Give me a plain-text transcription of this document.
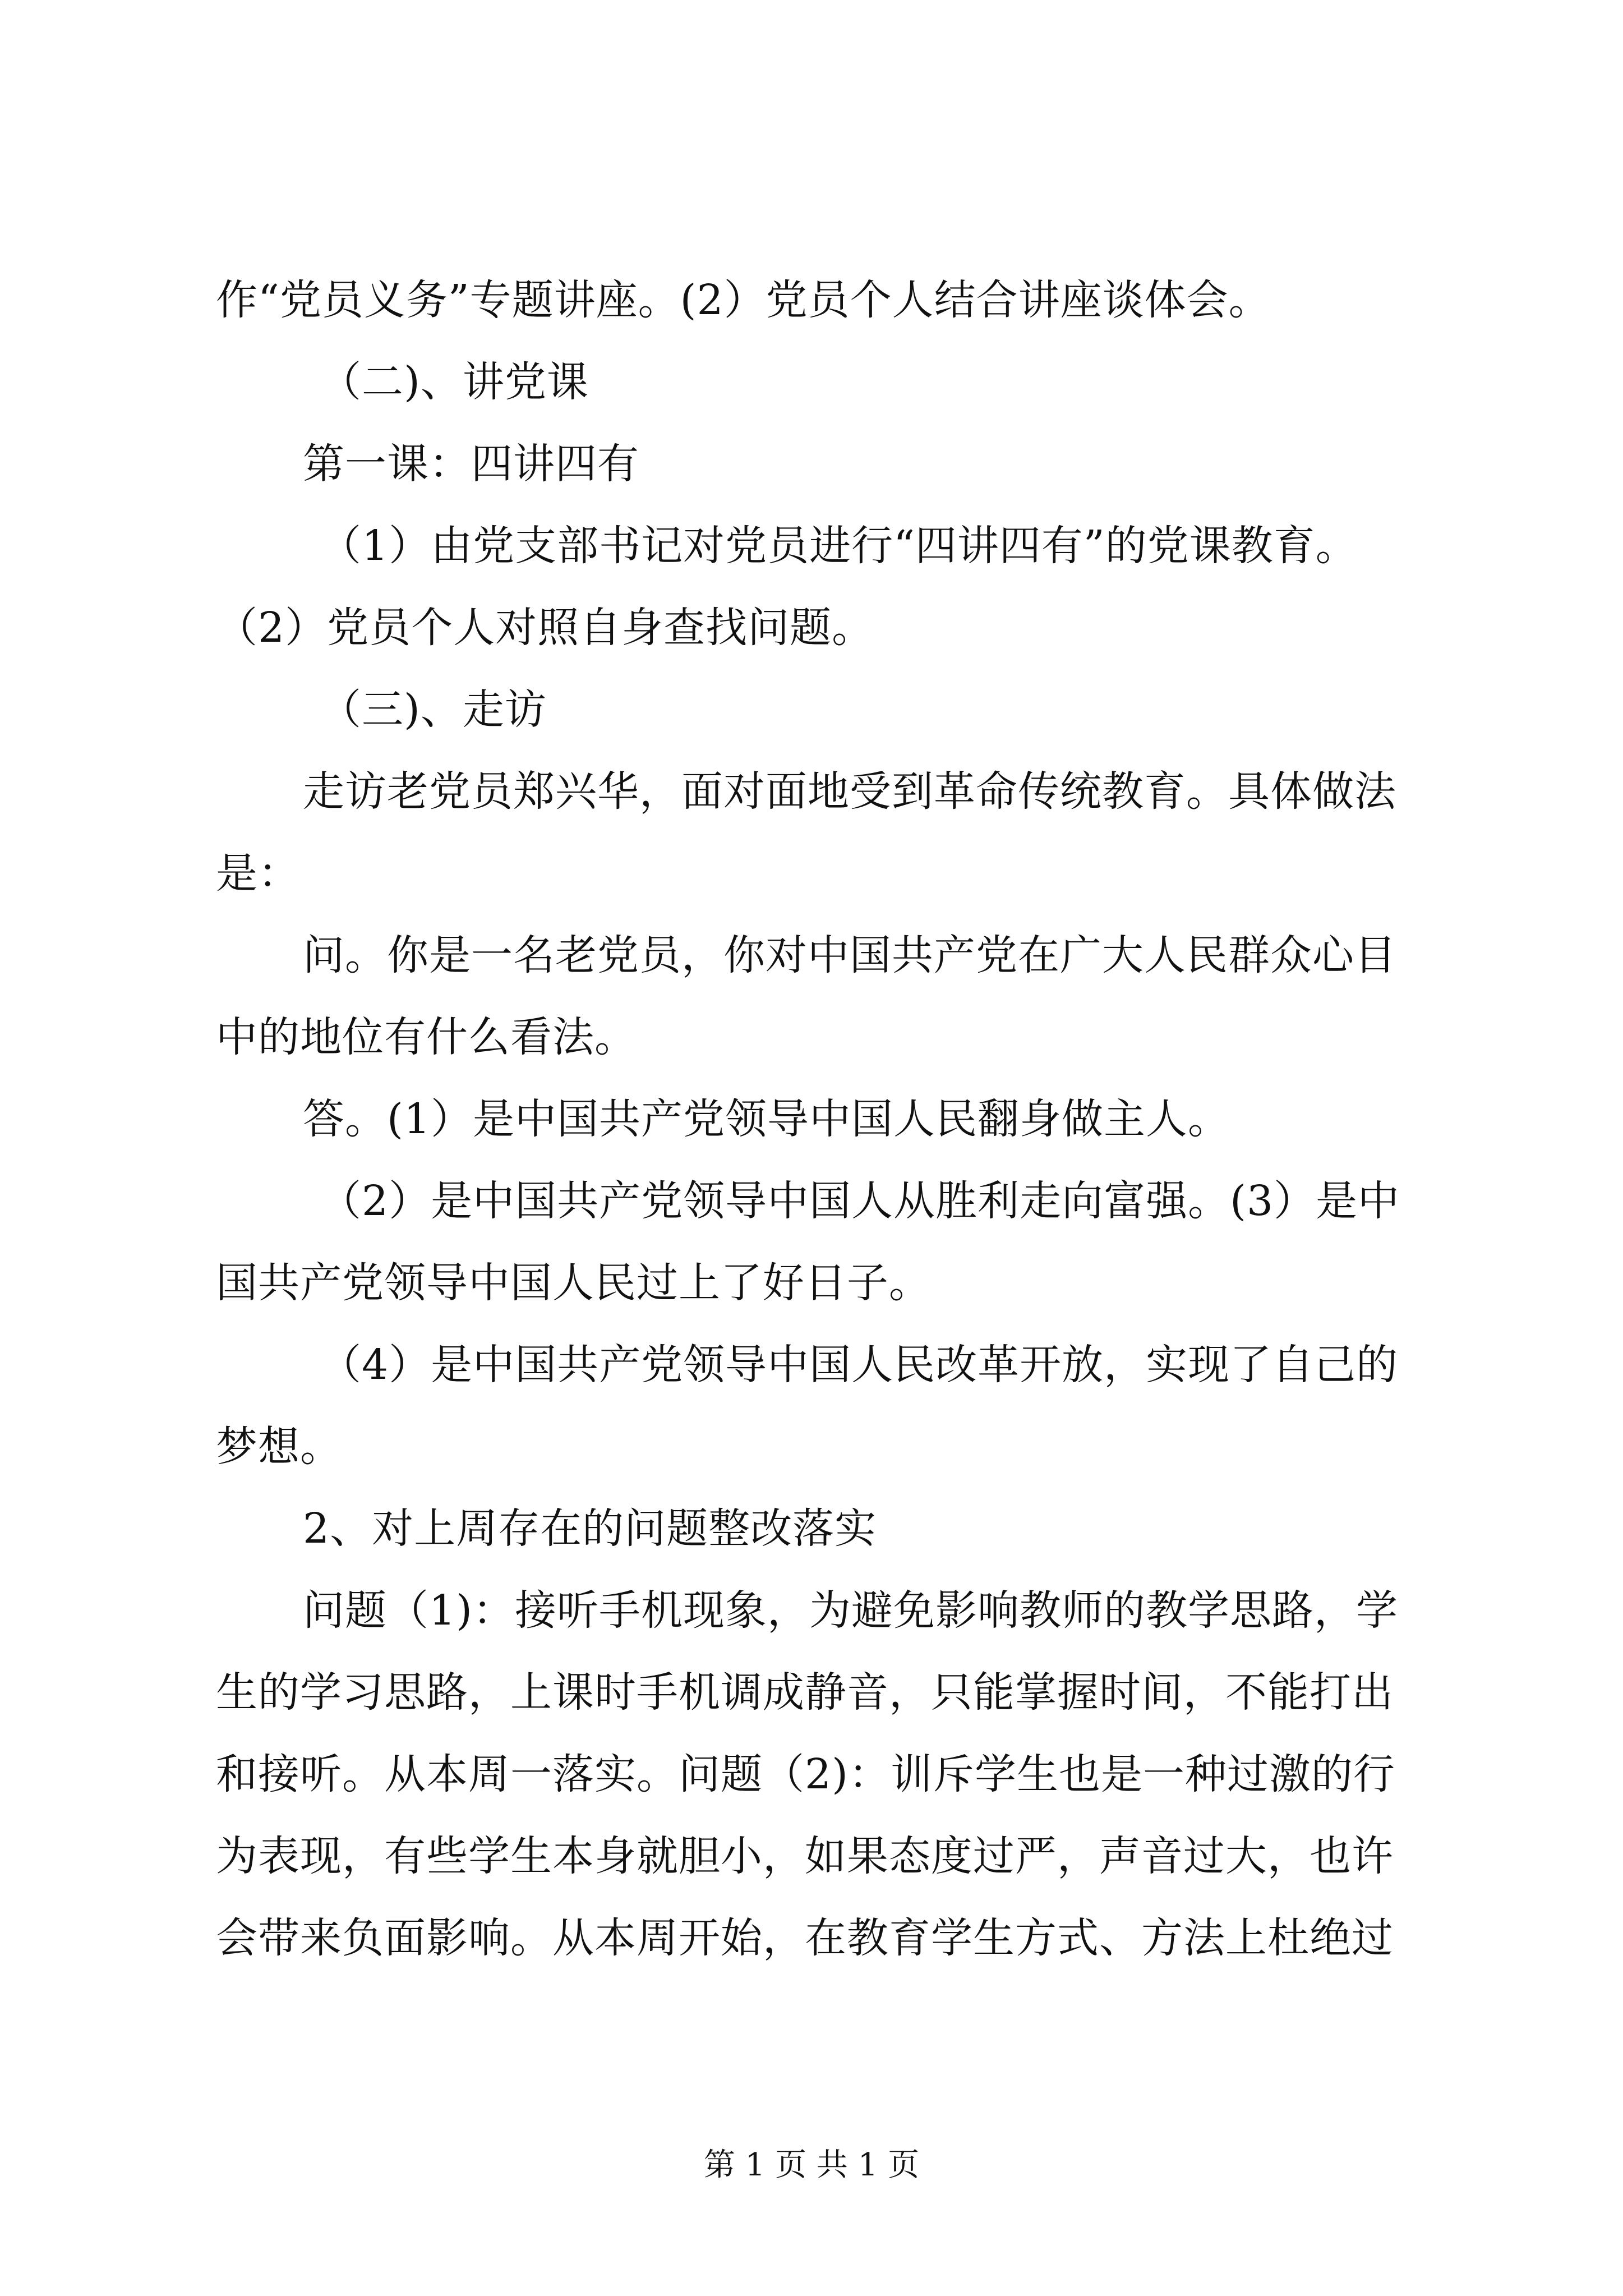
作“党员义务”专题讲座。(2）党员个人结合讲座谈体会。
（二)、讲党课
第一课：四讲四有
（1）由党支部书记对党员进行“四讲四有”的党课教育。
（2）党员个人对照自身查找问题。
（三)、走访
走访老党员郑兴华，面对面地受到革命传统教育。具体做法
是：
问。你是一名老党员，你对中国共产党在广大人民群众心目
中的地位有什么看法。
答。(1）是中国共产党领导中国人民翻身做主人。
（2）是中国共产党领导中国人从胜利走向富强。(3）是中
国共产党领导中国人民过上了好日子。
（4）是中国共产党领导中国人民改革开放，实现了自己的
梦想。
2、对上周存在的问题整改落实
问题（1)：接听手机现象，为避免影响教师的教学思路，学
生的学习思路，上课时手机调成静音，只能掌握时间，不能打出
和接听。从本周一落实。问题（2)：训斥学生也是一种过激的行
为表现，有些学生本身就胆小，如果态度过严，声音过大，也许
会带来负面影响。从本周开始，在教育学生方式、方法上杜绝过
第 1 页 共 1 页
